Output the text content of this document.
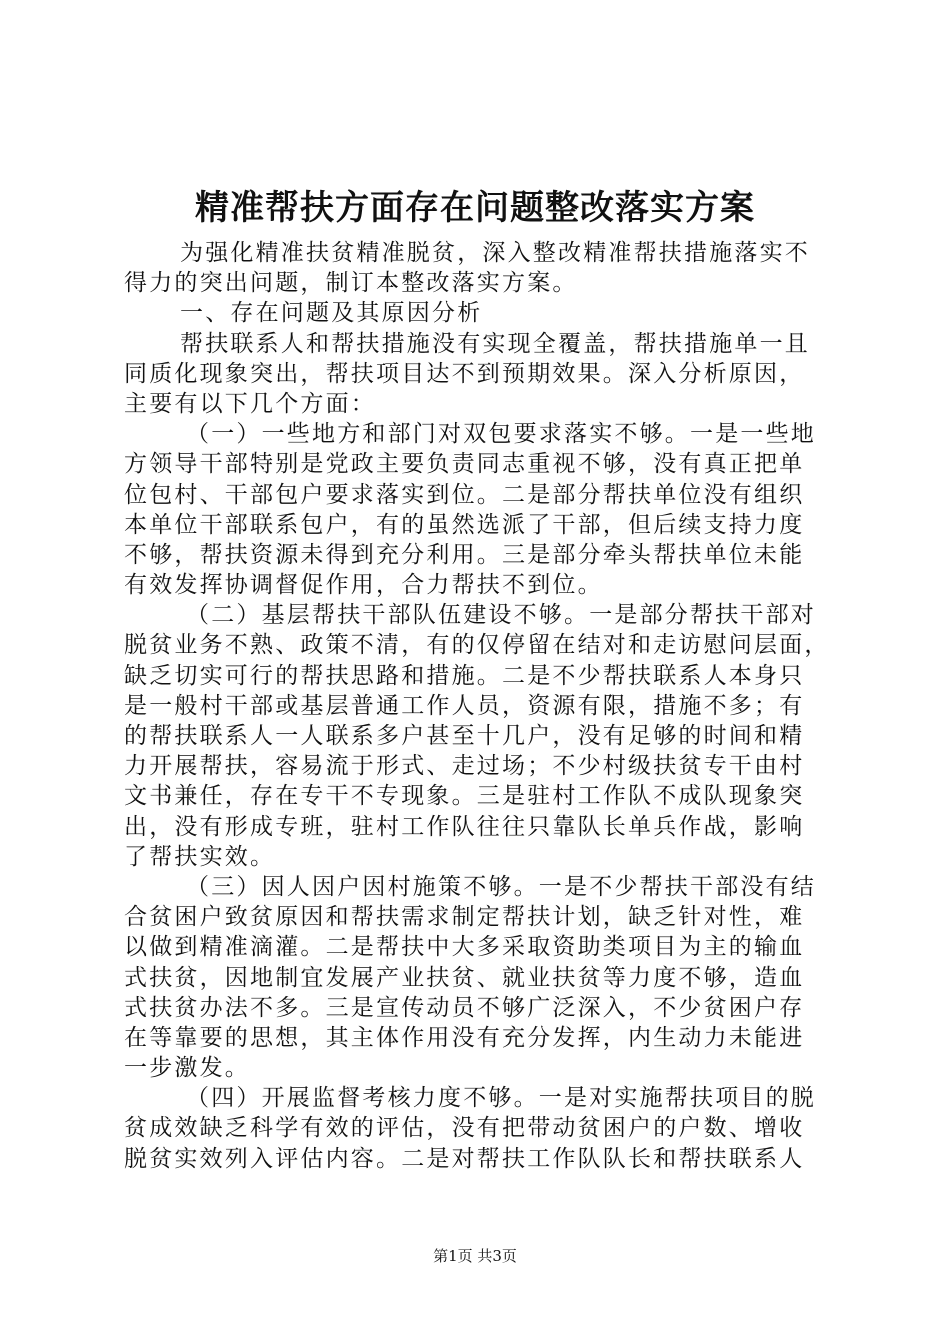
精准帮扶方面存在问题整改落实方案
为强化精准扶贫精准脱贫，深入整改精准帮扶措施落实不
得力的突出问题，制订本整改落实方案。
一、存在问题及其原因分析
帮扶联系人和帮扶措施没有实现全覆盖，帮扶措施单一且
同质化现象突出，帮扶项目达不到预期效果。深入分析原因，
主要有以下几个方面：
（一）一些地方和部门对双包要求落实不够。一是一些地
方领导干部特别是党政主要负责同志重视不够，没有真正把单
位包村、干部包户要求落实到位。二是部分帮扶单位没有组织
本单位干部联系包户，有的虽然选派了干部，但后续支持力度
不够，帮扶资源未得到充分利用。三是部分牵头帮扶单位未能
有效发挥协调督促作用，合力帮扶不到位。
（二）基层帮扶干部队伍建设不够。一是部分帮扶干部对
脱贫业务不熟、政策不清，有的仅停留在结对和走访慰问层面，
缺乏切实可行的帮扶思路和措施。二是不少帮扶联系人本身只
是一般村干部或基层普通工作人员，资源有限，措施不多；有
的帮扶联系人一人联系多户甚至十几户，没有足够的时间和精
力开展帮扶，容易流于形式、走过场；不少村级扶贫专干由村
文书兼任，存在专干不专现象。三是驻村工作队不成队现象突
出，没有形成专班，驻村工作队往往只靠队长单兵作战，影响
了帮扶实效。
（三）因人因户因村施策不够。一是不少帮扶干部没有结
合贫困户致贫原因和帮扶需求制定帮扶计划，缺乏针对性，难
以做到精准滴灌。二是帮扶中大多采取资助类项目为主的输血
式扶贫，因地制宜发展产业扶贫、就业扶贫等力度不够，造血
式扶贫办法不多。三是宣传动员不够广泛深入，不少贫困户存
在等靠要的思想，其主体作用没有充分发挥，内生动力未能进
一步激发。
（四）开展监督考核力度不够。一是对实施帮扶项目的脱
贫成效缺乏科学有效的评估，没有把带动贫困户的户数、增收
脱贫实效列入评估内容。二是对帮扶工作队队长和帮扶联系人
第1页 共3页
